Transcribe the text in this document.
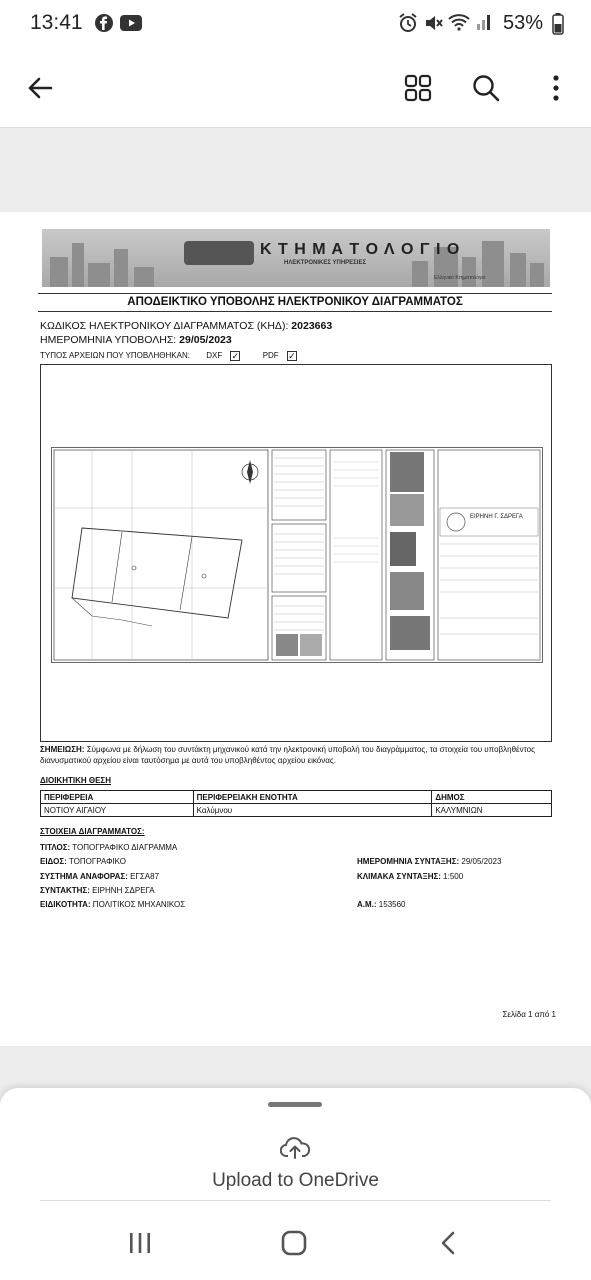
13:41	53%
Κ Τ Η Μ Α Τ Ο Λ Ο Γ Ι Ο
ΗΛΕΚΤΡΟΝΙΚΕΣ ΥΠΗΡΕΣΙΕΣ
Ελληνικό Κτηματολόγιο
ΑΠΟΔΕΙΚΤΙΚΟ ΥΠΟΒΟΛΗΣ ΗΛΕΚΤΡΟΝΙΚΟΥ ΔΙΑΓΡΑΜΜΑΤΟΣ
ΚΩΔΙΚΟΣ ΗΛΕΚΤΡΟΝΙΚΟΥ ΔΙΑΓΡΑΜΜΑΤΟΣ (ΚΗΔ): 2023663
ΗΜΕΡΟΜΗΝΙΑ ΥΠΟΒΟΛΗΣ: 29/05/2023
ΤΥΠΟΣ ΑΡΧΕΙΩΝ ΠΟΥ ΥΠΟΒΛΗΘΗΚΑΝ: DXF ✓	PDF ✓
ΕΙΡΗΝΗ Γ. ΣΔΡΕΓΑ
ΣΗΜΕΙΩΣΗ: Σύμφωνα με δήλωση του συντάκτη μηχανικού κατά την ηλεκτρονική υποβολή του διαγράμματος, τα στοιχεία του υποβληθέντος διανυσματικού αρχείου είναι ταυτόσημα με αυτά του υποβληθέντος αρχείου εικόνας.
ΔΙΟΙΚΗΤΙΚΗ ΘΕΣΗ
ΠΕΡΙΦΕΡΕΙΑ	ΠΕΡΙΦΕΡΕΙΑΚΗ ΕΝΟΤΗΤΑ	ΔΗΜΟΣ
ΝΟΤΙΟΥ ΑΙΓΑΙΟΥ	Καλύμνου	ΚΑΛΥΜΝΙΩΝ
ΣΤΟΙΧΕΙΑ ΔΙΑΓΡΑΜΜΑΤΟΣ:
ΤΙΤΛΟΣ: ΤΟΠΟΓΡΑΦΙΚΟ ΔΙΑΓΡΑΜΜΑ
ΕΙΔΟΣ: ΤΟΠΟΓΡΑΦΙΚΟ
ΣΥΣΤΗΜΑ ΑΝΑΦΟΡΑΣ: ΕΓΣΑ87
ΣΥΝΤΑΚΤΗΣ: ΕΙΡΗΝΗ ΣΔΡΕΓΑ
ΕΙΔΙΚΟΤΗΤΑ: ΠΟΛΙΤΙΚΟΣ ΜΗΧΑΝΙΚΟΣ
ΗΜΕΡΟΜΗΝΙΑ ΣΥΝΤΑΞΗΣ: 29/05/2023
ΚΛΙΜΑΚΑ ΣΥΝΤΑΞΗΣ: 1:500
Α.Μ.: 153560
Σελίδα 1 από 1
Upload to OneDrive
